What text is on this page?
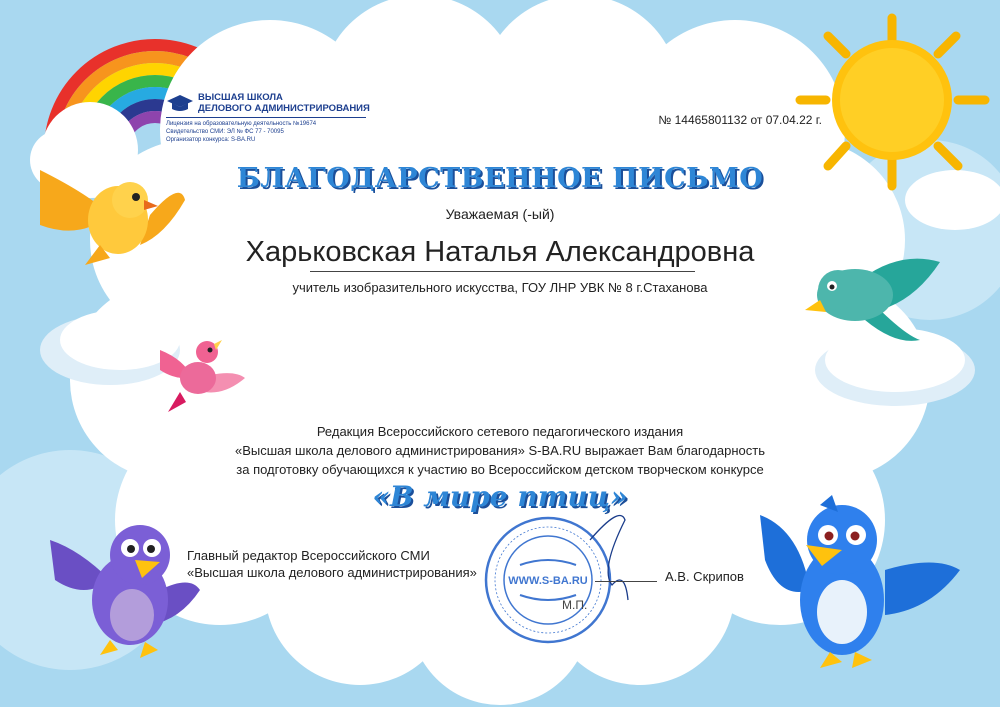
WWW.S-BA.RU
ВЫСШАЯ ШКОЛА
ДЕЛОВОГО АДМИНИСТРИРОВАНИЯ
Лицензия на образовательную деятельность №19674
Свидетельство СМИ: ЭЛ № ФС 77 - 70095
Организатор конкурса: S-BA.RU
№ 14465801132 от 07.04.22 г.
БЛАГОДАРСТВЕННОЕ ПИСЬМО
Уважаемая (-ый)
Харьковская Наталья Александровна
учитель изобразительного искусства, ГОУ ЛНР УВК № 8 г.Стаханова
Редакция Всероссийского сетевого педагогического издания
«Высшая школа делового администрирования» S-BA.RU выражает Вам благодарность
за подготовку обучающихся к участию во Всероссийском детском творческом конкурсе
«В мире птиц»
Главный редактор Всероссийского СМИ
«Высшая школа делового администрирования»	А.В. Скрипов
М.П.
